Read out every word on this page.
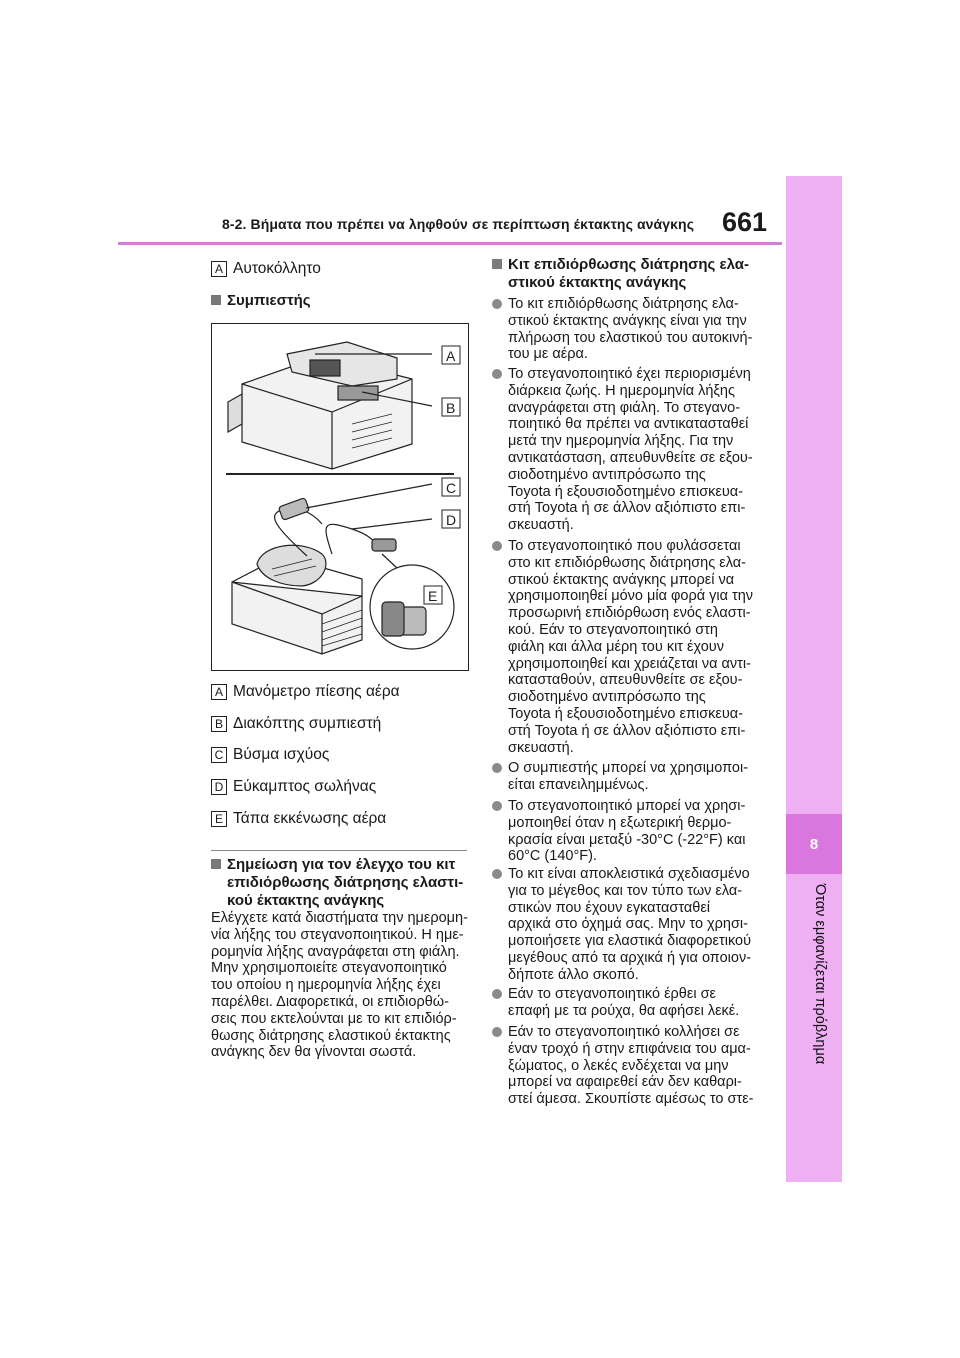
8-2. Βήματα που πρέπει να ληφθούν σε περίπτωση έκτακτης ανάγκης 661
8
Όταν εμφανίζεται πρόβλημα
A Αυτοκόλλητο
Συμπιεστής
A
B
C
D
E
A Μανόμετρο πίεσης αέρα
B Διακόπτης συμπιεστή
C Βύσμα ισχύος
D Εύκαμπτος σωλήνας
E Τάπα εκκένωσης αέρα
Σημείωση για τον έλεγχο του κιτ
επιδιόρθωσης διάτρησης ελαστι-
κού έκτακτης ανάγκης
Ελέγχετε κατά διαστήματα την ημερομη-
νία λήξης του στεγανοποιητικού. Η ημε-
ρομηνία λήξης αναγράφεται στη φιάλη.
Μην χρησιμοποιείτε στεγανοποιητικό
του οποίου η ημερομηνία λήξης έχει
παρέλθει. Διαφορετικά, οι επιδιορθώ-
σεις που εκτελούνται με το κιτ επιδιόρ-
θωσης διάτρησης ελαστικού έκτακτης
ανάγκης δεν θα γίνονται σωστά.
Κιτ επιδιόρθωσης διάτρησης ελα-
στικού έκτακτης ανάγκης
Το κιτ επιδιόρθωσης διάτρησης ελα-
στικού έκτακτης ανάγκης είναι για την
πλήρωση του ελαστικού του αυτοκινή-
του με αέρα.
Το στεγανοποιητικό έχει περιορισμένη
διάρκεια ζωής. Η ημερομηνία λήξης
αναγράφεται στη φιάλη. Το στεγανο-
ποιητικό θα πρέπει να αντικατασταθεί
μετά την ημερομηνία λήξης. Για την
αντικατάσταση, απευθυνθείτε σε εξου-
σιοδοτημένο αντιπρόσωπο της
Toyota ή εξουσιοδοτημένο επισκευα-
στή Toyota ή σε άλλον αξιόπιστο επι-
σκευαστή.
Το στεγανοποιητικό που φυλάσσεται
στο κιτ επιδιόρθωσης διάτρησης ελα-
στικού έκτακτης ανάγκης μπορεί να
χρησιμοποιηθεί μόνο μία φορά για την
προσωρινή επιδιόρθωση ενός ελαστι-
κού. Εάν το στεγανοποιητικό στη
φιάλη και άλλα μέρη του κιτ έχουν
χρησιμοποιηθεί και χρειάζεται να αντι-
κατασταθούν, απευθυνθείτε σε εξου-
σιοδοτημένο αντιπρόσωπο της
Toyota ή εξουσιοδοτημένο επισκευα-
στή Toyota ή σε άλλον αξιόπιστο επι-
σκευαστή.
Ο συμπιεστής μπορεί να χρησιμοποι-
είται επανειλημμένως.
Το στεγανοποιητικό μπορεί να χρησι-
μοποιηθεί όταν η εξωτερική θερμο-
κρασία είναι μεταξύ -30°C (-22°F) και
60°C (140°F).
Το κιτ είναι αποκλειστικά σχεδιασμένο
για το μέγεθος και τον τύπο των ελα-
στικών που έχουν εγκατασταθεί
αρχικά στο όχημά σας. Μην το χρησι-
μοποιήσετε για ελαστικά διαφορετικού
μεγέθους από τα αρχικά ή για οποιον-
δήποτε άλλο σκοπό.
Εάν το στεγανοποιητικό έρθει σε
επαφή με τα ρούχα, θα αφήσει λεκέ.
Εάν το στεγανοποιητικό κολλήσει σε
έναν τροχό ή στην επιφάνεια του αμα-
ξώματος, ο λεκές ενδέχεται να μην
μπορεί να αφαιρεθεί εάν δεν καθαρι-
στεί άμεσα. Σκουπίστε αμέσως το στε-
